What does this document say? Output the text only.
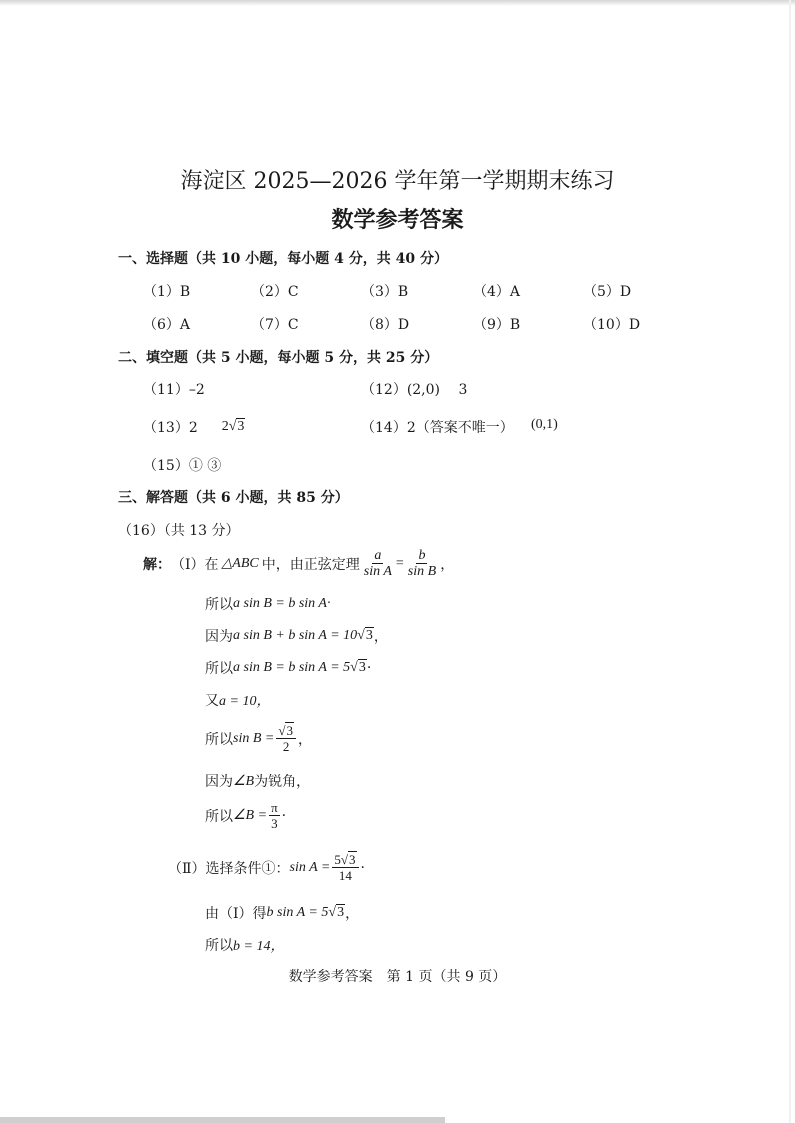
海淀区 2025—2026 学年第一学期期末练习
数学参考答案
一、选择题（共 10 小题，每小题 4 分，共 40 分）
（1）B	（2）C	（3）B	（4）A	（5）D
（6）A	（7）C	（8）D	（9）B	（10）D
二、填空题（共 5 小题，每小题 5 分，共 25 分）
（11）–2	（12）(2,0)　 3
（13）2 2 √3	（14）2（答案不唯一） (0,1)
（15）① ③
三、解答题（共 6 小题，共 85 分）
（16）（共 13 分）
解： （Ⅰ）在 △ABC 中，由正弦定理 $\frac{a}{\text{sin A}} = \frac{b}{\text{sin B}}$ ，
所以 a sin B = b sin A·
因为 a sin B + b sin A = 10 √3 ，
所以 a sin B = b sin A = 5 √3 ·
又 a = 10，
所以 $\sin B = \frac{√3}{2}$ ，
因为 ∠B 为锐角，
所以 ∠B = $\frac{\pi}{3}$ ·
（Ⅱ）选择条件①： $\sin A = \frac{5√3}{14}$ ·
由（Ⅰ）得 b sin A = 5 √3 ，
所以 b = 14，
数学参考答案　第 1 页（共 9 页）
